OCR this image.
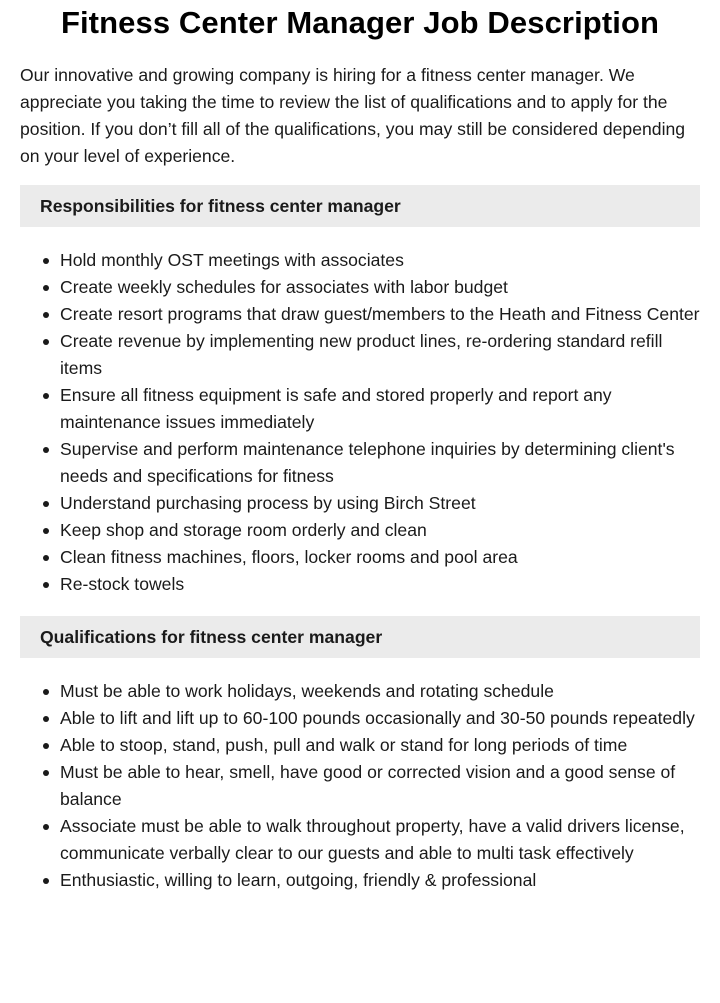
Fitness Center Manager Job Description

Our innovative and growing company is hiring for a fitness center manager. We appreciate you taking the time to review the list of qualifications and to apply for the position. If you don’t fill all of the qualifications, you may still be considered depending on your level of experience.

Responsibilities for fitness center manager
Hold monthly OST meetings with associates
Create weekly schedules for associates with labor budget
Create resort programs that draw guest/members to the Heath and Fitness Center
Create revenue by implementing new product lines, re-ordering standard refill items
Ensure all fitness equipment is safe and stored properly and report any maintenance issues immediately
Supervise and perform maintenance telephone inquiries by determining client's needs and specifications for fitness
Understand purchasing process by using Birch Street
Keep shop and storage room orderly and clean
Clean fitness machines, floors, locker rooms and pool area
Re-stock towels
Qualifications for fitness center manager
Must be able to work holidays, weekends and rotating schedule
Able to lift and lift up to 60-100 pounds occasionally and 30-50 pounds repeatedly
Able to stoop, stand, push, pull and walk or stand for long periods of time
Must be able to hear, smell, have good or corrected vision and a good sense of balance
Associate must be able to walk throughout property, have a valid drivers license, communicate verbally clear to our guests and able to multi task effectively
Enthusiastic, willing to learn, outgoing, friendly & professional
